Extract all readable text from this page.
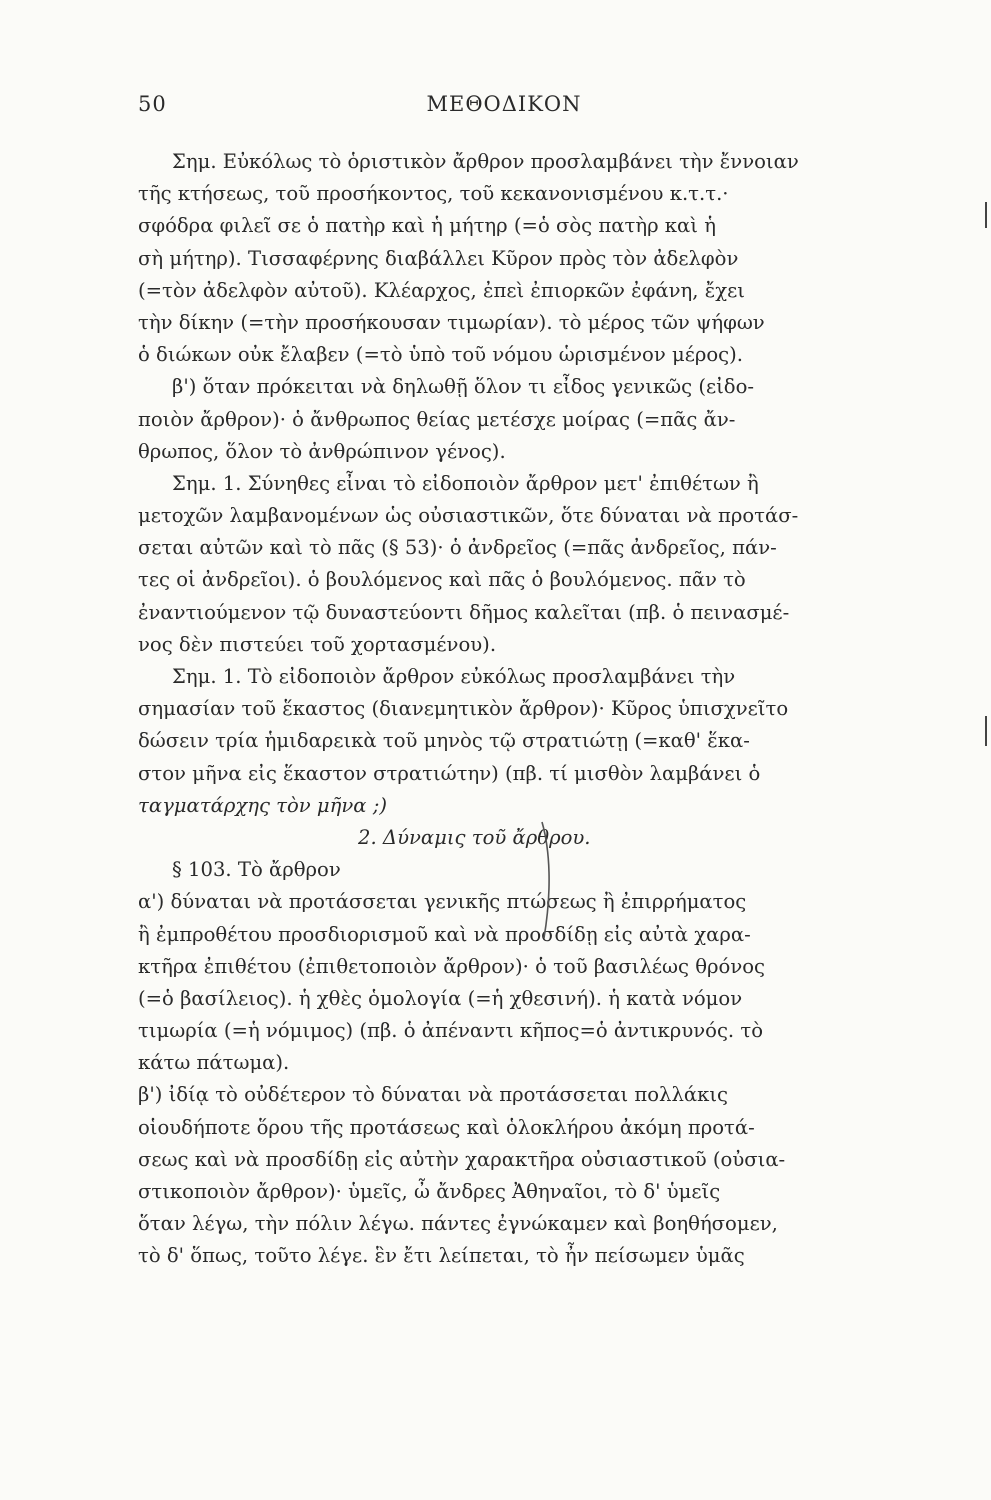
50	ΜΕΘΟΔΙΚΟΝ
Σημ. Εὐκόλως τὸ ὁριστικὸν ἄρθρον προσλαμβάνει τὴν ἔννοιαν
τῆς κτήσεως, τοῦ προσήκοντος, τοῦ κεκανονισμένου κ.τ.τ.·
σφόδρα φιλεῖ σε ὁ πατὴρ καὶ ἡ μήτηρ (=ὁ σὸς πατὴρ καὶ ἡ
σὴ μήτηρ). Τισσαφέρνης διαβάλλει Κῦρον πρὸς τὸν ἀδελφὸν
(=τὸν ἀδελφὸν αὐτοῦ). Κλέαρχος, ἐπεὶ ἐπιορκῶν ἐφάνη, ἔχει
τὴν δίκην (=τὴν προσήκουσαν τιμωρίαν). τὸ μέρος τῶν ψήφων
ὁ διώκων οὐκ ἔλαβεν (=τὸ ὑπὸ τοῦ νόμου ὡρισμένον μέρος).
β') ὅταν πρόκειται νὰ δηλωθῇ ὅλον τι εἶδος γενικῶς (εἰδο-
ποιὸν ἄρθρον)· ὁ ἄνθρωπος θείας μετέσχε μοίρας (=πᾶς ἄν-
θρωπος, ὅλον τὸ ἀνθρώπινον γένος).
Σημ. 1. Σύνηθες εἶναι τὸ εἰδοποιὸν ἄρθρον μετ' ἐπιθέτων ἢ
μετοχῶν λαμβανομένων ὡς οὐσιαστικῶν, ὅτε δύναται νὰ προτάσ-
σεται αὐτῶν καὶ τὸ πᾶς (§ 53)· ὁ ἀνδρεῖος (=πᾶς ἀνδρεῖος, πάν-
τες οἱ ἀνδρεῖοι). ὁ βουλόμενος καὶ πᾶς ὁ βουλόμενος. πᾶν τὸ
ἐναντιούμενον τῷ δυναστεύοντι δῆμος καλεῖται (πβ. ὁ πεινασμέ-
νος δὲν πιστεύει τοῦ χορτασμένου).
Σημ. 1. Τὸ εἰδοποιὸν ἄρθρον εὐκόλως προσλαμβάνει τὴν
σημασίαν τοῦ ἕκαστος (διανεμητικὸν ἄρθρον)· Κῦρος ὑπισχνεῖτο
δώσειν τρία ἡμιδαρεικὰ τοῦ μηνὸς τῷ στρατιώτῃ (=καθ' ἕκα-
στον μῆνα εἰς ἕκαστον στρατιώτην) (πβ. τί μισθὸν λαμβάνει ὁ
ταγματάρχης τὸν μῆνα ;)
2. Δύναμις τοῦ ἄρθρου.
§ 103. Τὸ ἄρθρον
α') δύναται νὰ προτάσσεται γενικῆς πτώσεως ἢ ἐπιρρήματος
ἢ ἐμπροθέτου προσδιορισμοῦ καὶ νὰ προσδίδῃ εἰς αὐτὰ χαρα-
κτῆρα ἐπιθέτου (ἐπιθετοποιὸν ἄρθρον)· ὁ τοῦ βασιλέως θρόνος
(=ὁ βασίλειος). ἡ χθὲς ὁμολογία (=ἡ χθεσινή). ἡ κατὰ νόμον
τιμωρία (=ἡ νόμιμος) (πβ. ὁ ἀπέναντι κῆπος=ὁ ἀντικρυνός. τὸ
κάτω πάτωμα).
β') ἰδίᾳ τὸ οὐδέτερον τὸ δύναται νὰ προτάσσεται πολλάκις
οἱουδήποτε ὅρου τῆς προτάσεως καὶ ὁλοκλήρου ἀκόμη προτά-
σεως καὶ νὰ προσδίδῃ εἰς αὐτὴν χαρακτῆρα οὐσιαστικοῦ (οὐσια-
στικοποιὸν ἄρθρον)· ὑμεῖς, ὦ ἄνδρες Ἀθηναῖοι, τὸ δ' ὑμεῖς
ὅταν λέγω, τὴν πόλιν λέγω. πάντες ἐγνώκαμεν καὶ βοηθήσομεν,
τὸ δ' ὅπως, τοῦτο λέγε. ἓν ἔτι λείπεται, τὸ ἦν πείσωμεν ὑμᾶς
